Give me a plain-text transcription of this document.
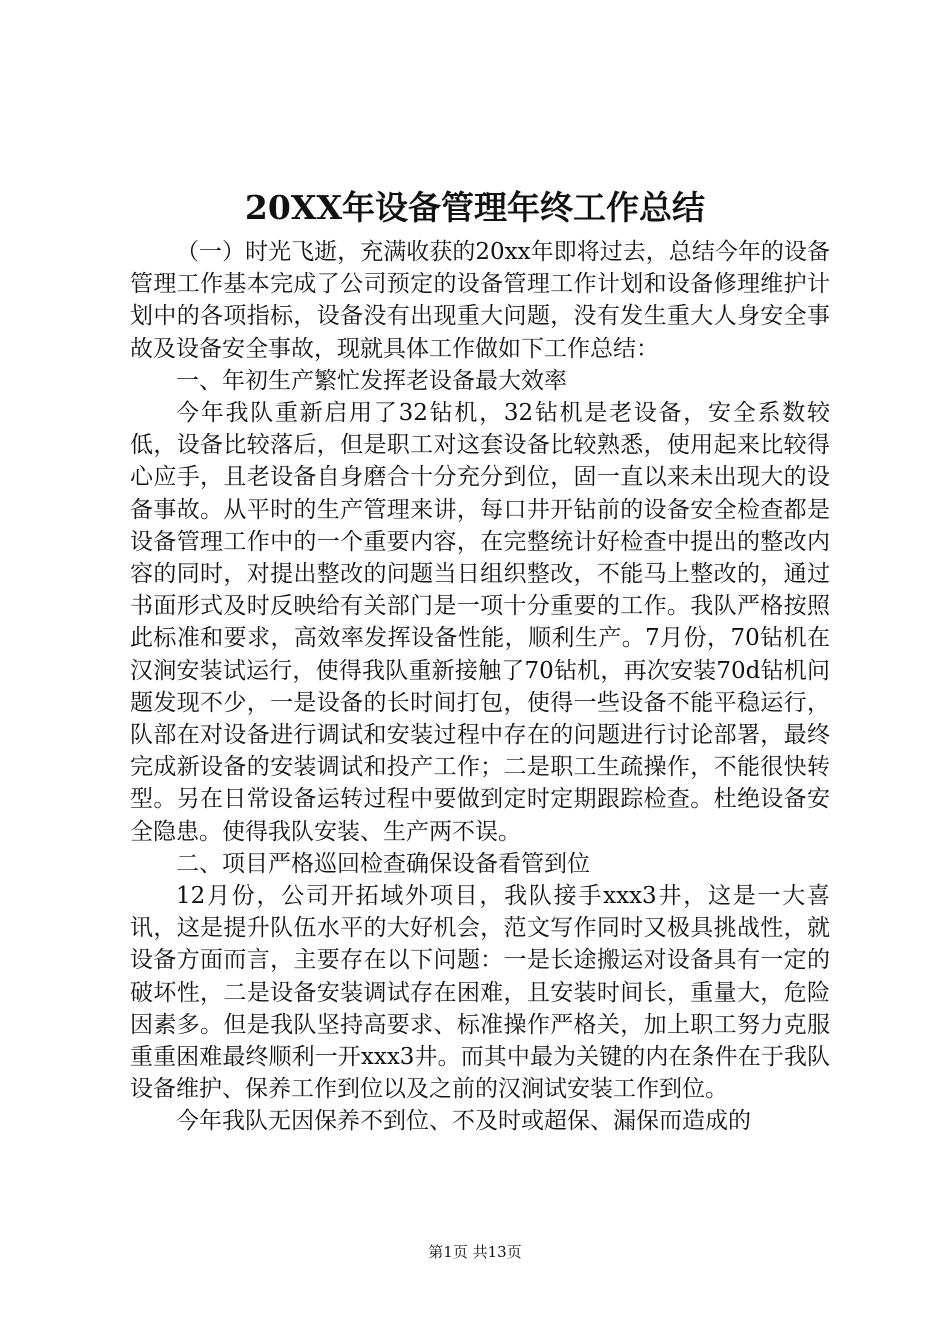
20XX年设备管理年终工作总结

（一）时光飞逝，充满收获的20xx年即将过去，总结今年的设备管理工作基本完成了公司预定的设备管理工作计划和设备修理维护计划中的各项指标，设备没有出现重大问题，没有发生重大人身安全事故及设备安全事故，现就具体工作做如下工作总结：

一、年初生产繁忙发挥老设备最大效率

今年我队重新启用了32钻机，32钻机是老设备，安全系数较低，设备比较落后，但是职工对这套设备比较熟悉，使用起来比较得心应手，且老设备自身磨合十分充分到位，固一直以来未出现大的设备事故。从平时的生产管理来讲，每口井开钻前的设备安全检查都是设备管理工作中的一个重要内容，在完整统计好检查中提出的整改内容的同时，对提出整改的问题当日组织整改，不能马上整改的，通过书面形式及时反映给有关部门是一项十分重要的工作。我队严格按照此标准和要求，高效率发挥设备性能，顺利生产。7月份，70钻机在汉涧安装试运行，使得我队重新接触了70钻机，再次安装70d钻机问题发现不少，一是设备的长时间打包，使得一些设备不能平稳运行，队部在对设备进行调试和安装过程中存在的问题进行讨论部署，最终完成新设备的安装调试和投产工作；二是职工生疏操作，不能很快转型。另在日常设备运转过程中要做到定时定期跟踪检查。杜绝设备安全隐患。使得我队安装、生产两不误。

二、项目严格巡回检查确保设备看管到位

12月份，公司开拓域外项目，我队接手xxx3井，这是一大喜讯，这是提升队伍水平的大好机会，范文写作同时又极具挑战性，就设备方面而言，主要存在以下问题：一是长途搬运对设备具有一定的破坏性，二是设备安装调试存在困难，且安装时间长，重量大，危险因素多。但是我队坚持高要求、标准操作严格关，加上职工努力克服重重困难最终顺利一开xxx3井。而其中最为关键的内在条件在于我队设备维护、保养工作到位以及之前的汉涧试安装工作到位。

今年我队无因保养不到位、不及时或超保、漏保而造成的

第1页 共13页
